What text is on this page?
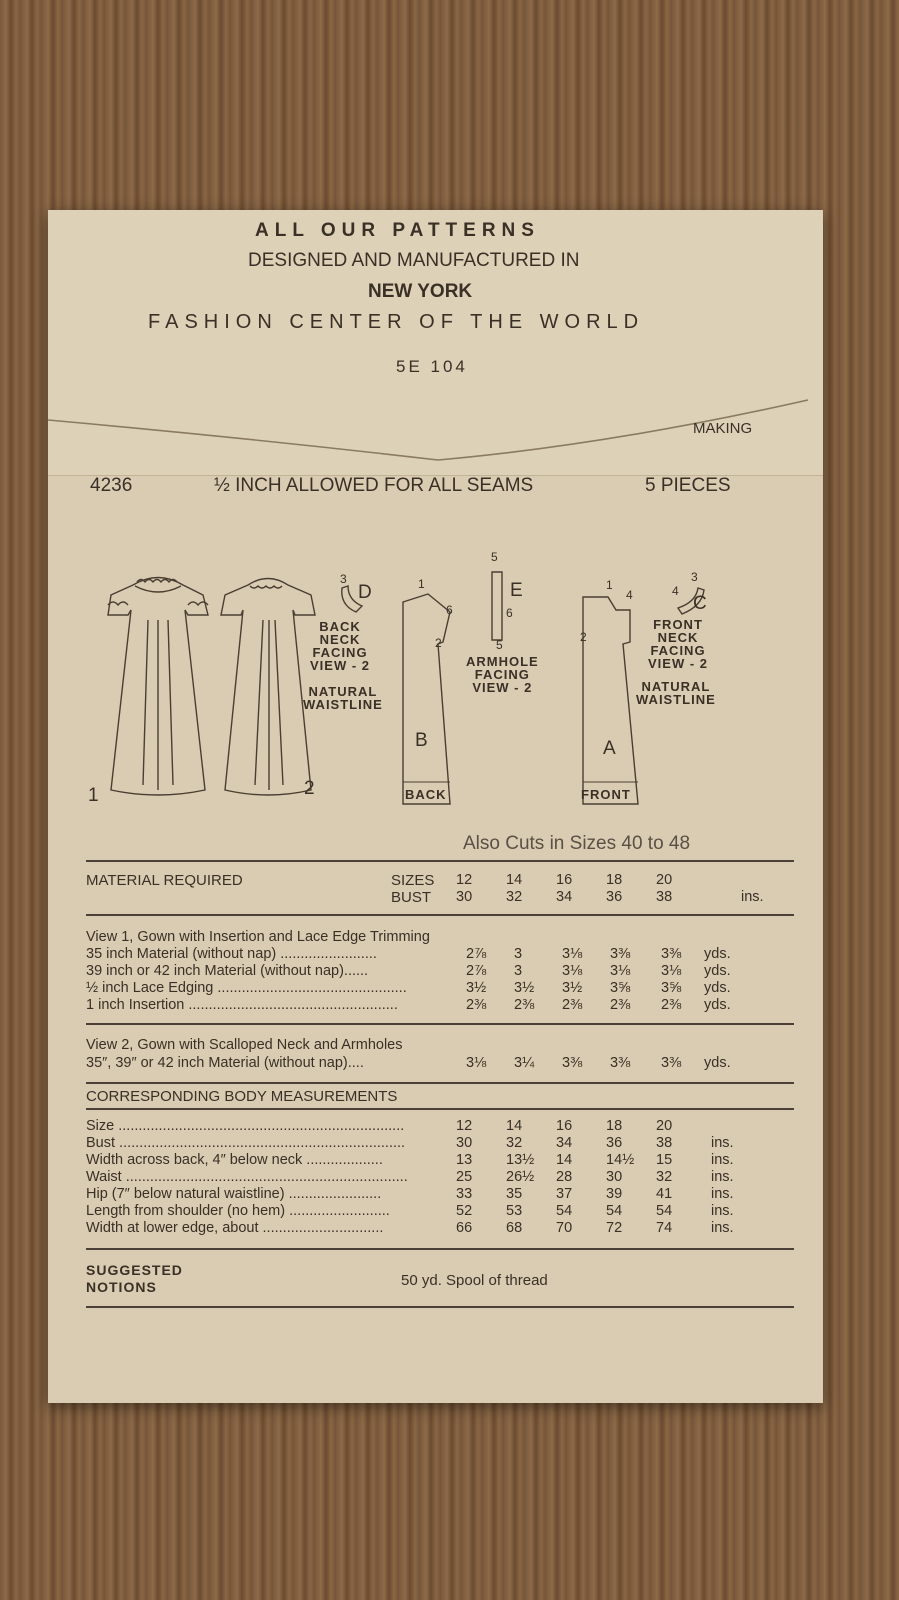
ALL OUR PATTERNS
DESIGNED AND MANUFACTURED IN
NEW YORK
FASHION CENTER OF THE WORLD
5E 104
MAKING
4236	½ INCH ALLOWED FOR ALL SEAMS	5 PIECES
1	2
3
D
BACK
NECK
FACING
VIEW - 2
1
6
2
B
BACK
NATURAL
WAISTLINE
5
6
5
E
ARMHOLE
FACING
VIEW - 2
1
4
2
A
FRONT
3
4
C
FRONT
NECK
FACING
VIEW - 2
NATURAL
WAISTLINE
Also Cuts in Sizes 40 to 48
MATERIAL REQUIRED	SIZES 12 14 16 18 20
BUST 30 32 34 36 38	ins.
View 1, Gown with Insertion and Lace Edge Trimming
35 inch Material (without nap) ........................	2⅞ 3	3⅛ 3⅜ 3⅜ yds.
39 inch or 42 inch Material (without nap)......	2⅞ 3	3⅛ 3⅛ 3⅛ yds.
½ inch Lace Edging ...............................................	3½ 3½ 3½ 3⅝ 3⅝ yds.
1 inch Insertion ....................................................	2⅜ 2⅜ 2⅜ 2⅜ 2⅜ yds.
View 2, Gown with Scalloped Neck and Armholes
35″, 39″ or 42 inch Material (without nap)....	3⅛ 3¼ 3⅜ 3⅜ 3⅜ yds.
CORRESPONDING BODY MEASUREMENTS
Size .......................................................................	12 14 16 18 20
Bust .......................................................................	30 32 34 36 38	ins.
Width across back, 4″ below neck ...................	13 13½ 14 14½ 15	ins.
Waist ......................................................................	25 26½ 28 30 32	ins.
Hip (7″ below natural waistline) .......................	33 35 37 39 41	ins.
Length from shoulder (no hem) .........................	52 53 54 54 54	ins.
Width at lower edge, about ..............................	66 68 70 72 74	ins.
SUGGESTED
NOTIONS	50 yd. Spool of thread
